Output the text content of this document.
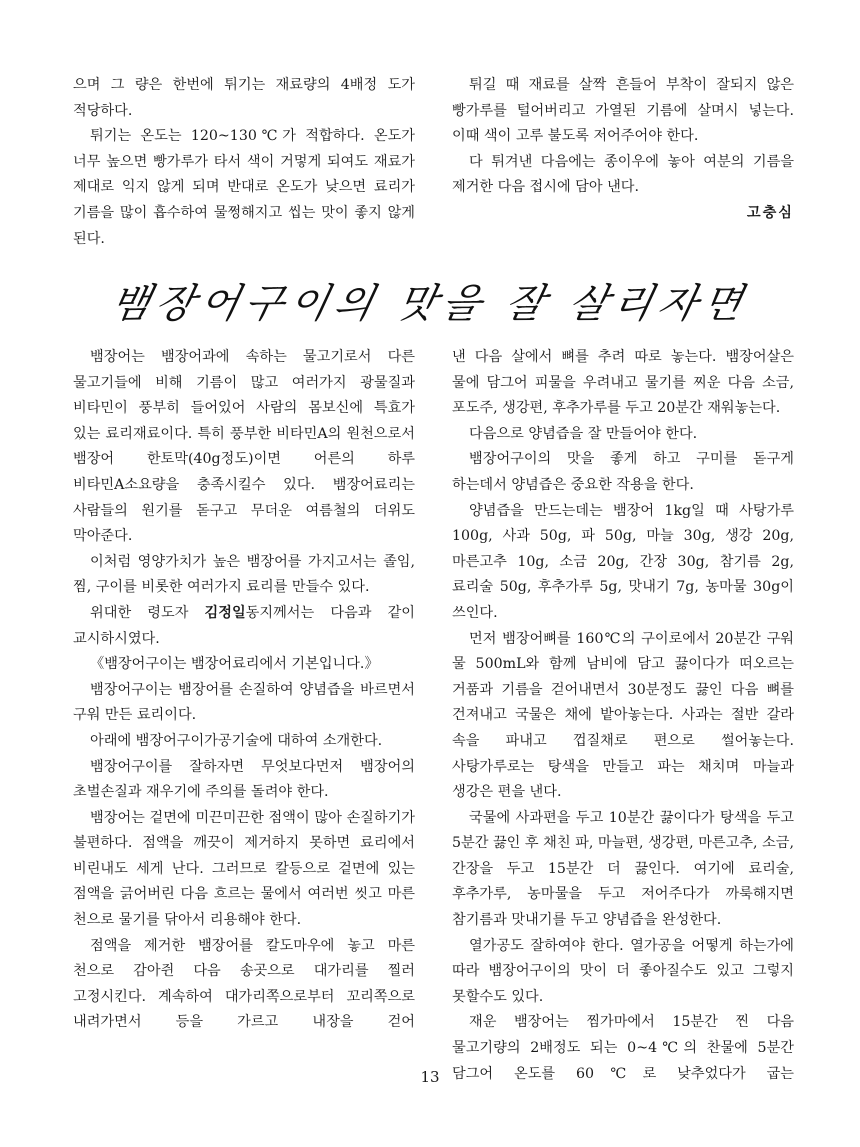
으며 그 량은 한번에 튀기는 재료량의 4배정 도가 적당하다.

튀기는 온도는 120~130℃가 적합하다. 온도가 너무 높으면 빵가루가 타서 색이 거멓게 되여도 재료가 제대로 익지 않게 되며 반대로 온도가 낮으면 료리가 기름을 많이 흡수하여 물쩡해지고 씹는 맛이 좋지 않게 된다.

튀길 때 재료를 살짝 흔들어 부착이 잘되지 않은 빵가루를 털어버리고 가열된 기름에 살며시 넣는다. 이때 색이 고루 불도록 저어주어야 한다.

다 튀겨낸 다음에는 종이우에 놓아 여분의 기름을 제거한 다음 접시에 담아 낸다.

고충심

뱀장어구이의 맛을 잘 살리자면

뱀장어는 뱀장어과에 속하는 물고기로서 다른 물고기들에 비해 기름이 많고 여러가지 광물질과 비타민이 풍부히 들어있어 사람의 몸보신에 특효가 있는 료리재료이다. 특히 풍부한 비타민A의 원천으로서 뱀장어 한토막(40g정도)이면 어른의 하루 비타민A소요량을 충족시킬수 있다. 뱀장어료리는 사람들의 원기를 돋구고 무더운 여름철의 더위도 막아준다.

이처럼 영양가치가 높은 뱀장어를 가지고서는 졸임, 찜, 구이를 비롯한 여러가지 료리를 만들수 있다.

위대한 령도자 김정일동지께서는 다음과 같이 교시하시였다.

《뱀장어구이는 뱀장어료리에서 기본입니다.》

뱀장어구이는 뱀장어를 손질하여 양념즙을 바르면서 구워 만든 료리이다.

아래에 뱀장어구이가공기술에 대하여 소개한다.

뱀장어구이를 잘하자면 무엇보다먼저 뱀장어의 초벌손질과 재우기에 주의를 돌려야 한다.

뱀장어는 겉면에 미끈미끈한 점액이 많아 손질하기가 불편하다. 점액을 깨끗이 제거하지 못하면 료리에서 비린내도 세게 난다. 그러므로 칼등으로 겉면에 있는 점액을 긁어버린 다음 흐르는 물에서 여러번 씻고 마른 천으로 물기를 닦아서 리용해야 한다.

점액을 제거한 뱀장어를 칼도마우에 놓고 마른 천으로 감아쥔 다음 송곳으로 대가리를 찔러 고정시킨다. 계속하여 대가리쪽으로부터 꼬리쪽으로 내려가면서 등을 가르고 내장을 걷어

낸 다음 살에서 뼈를 추려 따로 놓는다. 뱀장어살은 물에 담그어 피물을 우려내고 물기를 찌운 다음 소금, 포도주, 생강편, 후추가루를 두고 20분간 재워놓는다.

다음으로 양념즙을 잘 만들어야 한다.

뱀장어구이의 맛을 좋게 하고 구미를 돋구게 하는데서 양념즙은 중요한 작용을 한다.

양념즙을 만드는데는 뱀장어 1kg일 때 사탕가루 100g, 사과 50g, 파 50g, 마늘 30g, 생강 20g, 마른고추 10g, 소금 20g, 간장 30g, 참기름 2g, 료리술 50g, 후추가루 5g, 맛내기 7g, 농마물 30g이 쓰인다.

먼저 뱀장어뼈를 160℃의 구이로에서 20분간 구워 물 500mL와 함께 남비에 담고 끓이다가 떠오르는 거품과 기름을 걷어내면서 30분정도 끓인 다음 뼈를 건져내고 국물은 채에 밭아놓는다. 사과는 절반 갈라 속을 파내고 껍질채로 편으로 썰어놓는다. 사탕가루로는 탕색을 만들고 파는 채치며 마늘과 생강은 편을 낸다.

국물에 사과편을 두고 10분간 끓이다가 탕색을 두고 5분간 끓인 후 채친 파, 마늘편, 생강편, 마른고추, 소금, 간장을 두고 15분간 더 끓인다. 여기에 료리술, 후추가루, 농마물을 두고 저어주다가 까룩해지면 참기름과 맛내기를 두고 양념즙을 완성한다.

열가공도 잘하여야 한다. 열가공을 어떻게 하는가에 따라 뱀장어구이의 맛이 더 좋아질수도 있고 그렇지 못할수도 있다.

재운 뱀장어는 찜가마에서 15분간 찐 다음 물고기량의 2배정도 되는 0~4℃의 찬물에 5분간 담그어 온도를 60℃로 낮추었다가 굽는

13
